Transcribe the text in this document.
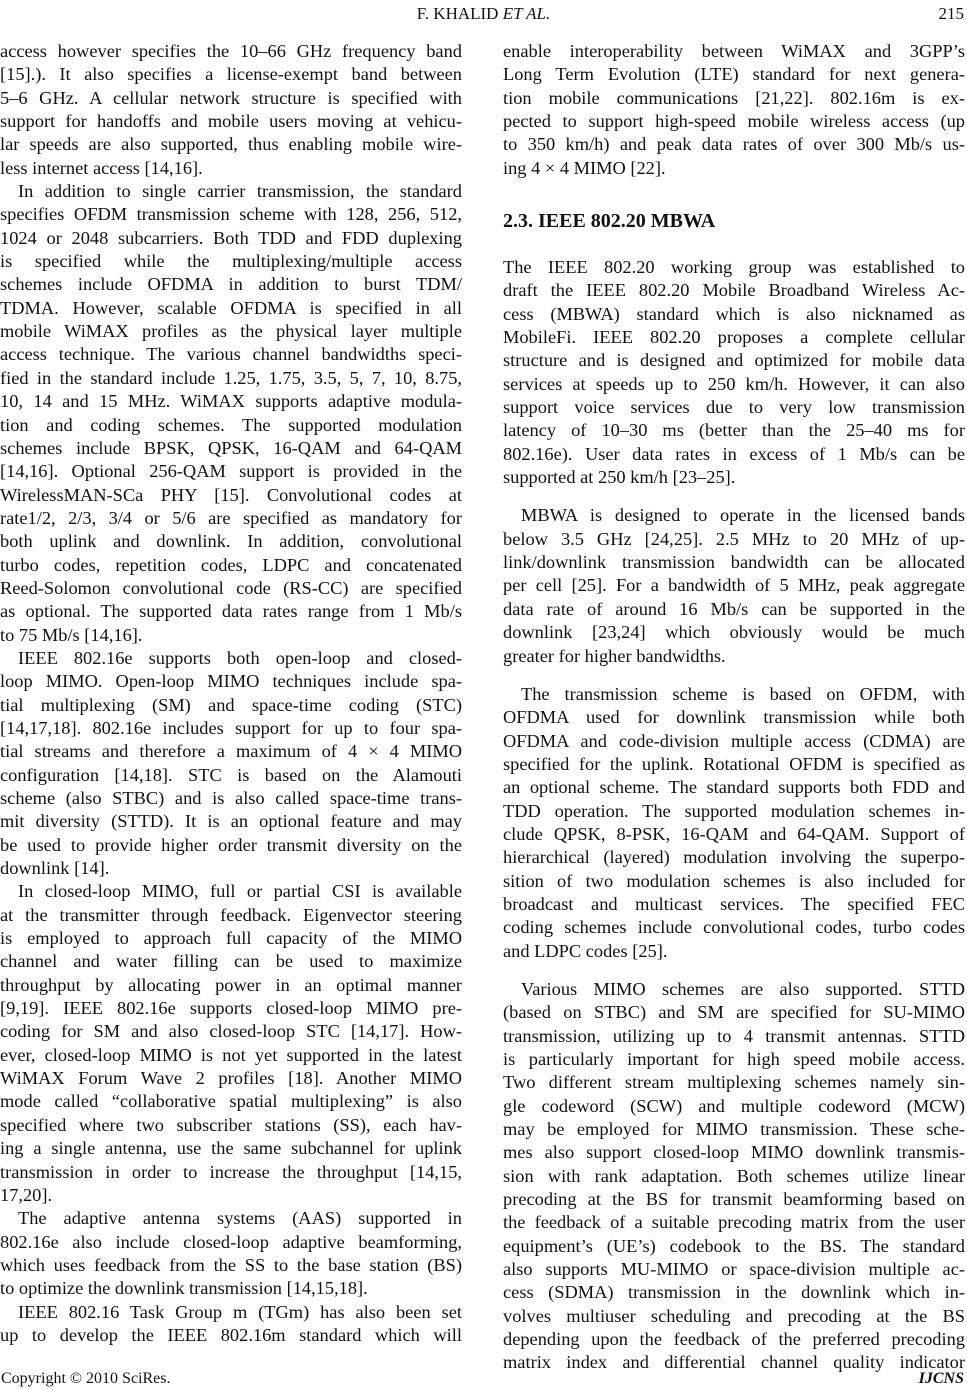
F. KHALID ET AL.	215
access however specifies the 10–66 GHz frequency band
[15].). It also specifies a license-exempt band between
5–6 GHz. A cellular network structure is specified with
support for handoffs and mobile users moving at vehicu-
lar speeds are also supported, thus enabling mobile wire-
less internet access [14,16].
In addition to single carrier transmission, the standard
specifies OFDM transmission scheme with 128, 256, 512,
1024 or 2048 subcarriers. Both TDD and FDD duplexing
is specified while the multiplexing/multiple access
schemes include OFDMA in addition to burst TDM/
TDMA. However, scalable OFDMA is specified in all
mobile WiMAX profiles as the physical layer multiple
access technique. The various channel bandwidths speci-
fied in the standard include 1.25, 1.75, 3.5, 5, 7, 10, 8.75,
10, 14 and 15 MHz. WiMAX supports adaptive modula-
tion and coding schemes. The supported modulation
schemes include BPSK, QPSK, 16-QAM and 64-QAM
[14,16]. Optional 256-QAM support is provided in the
WirelessMAN-SCa PHY [15]. Convolutional codes at
rate1/2, 2/3, 3/4 or 5/6 are specified as mandatory for
both uplink and downlink. In addition, convolutional
turbo codes, repetition codes, LDPC and concatenated
Reed-Solomon convolutional code (RS-CC) are specified
as optional. The supported data rates range from 1 Mb/s
to 75 Mb/s [14,16].
IEEE 802.16e supports both open-loop and closed-
loop MIMO. Open-loop MIMO techniques include spa-
tial multiplexing (SM) and space-time coding (STC)
[14,17,18]. 802.16e includes support for up to four spa-
tial streams and therefore a maximum of 4 × 4 MIMO
configuration [14,18]. STC is based on the Alamouti
scheme (also STBC) and is also called space-time trans-
mit diversity (STTD). It is an optional feature and may
be used to provide higher order transmit diversity on the
downlink [14].
In closed-loop MIMO, full or partial CSI is available
at the transmitter through feedback. Eigenvector steering
is employed to approach full capacity of the MIMO
channel and water filling can be used to maximize
throughput by allocating power in an optimal manner
[9,19]. IEEE 802.16e supports closed-loop MIMO pre-
coding for SM and also closed-loop STC [14,17]. How-
ever, closed-loop MIMO is not yet supported in the latest
WiMAX Forum Wave 2 profiles [18]. Another MIMO
mode called “collaborative spatial multiplexing” is also
specified where two subscriber stations (SS), each hav-
ing a single antenna, use the same subchannel for uplink
transmission in order to increase the throughput [14,15,
17,20].
The adaptive antenna systems (AAS) supported in
802.16e also include closed-loop adaptive beamforming,
which uses feedback from the SS to the base station (BS)
to optimize the downlink transmission [14,15,18].
IEEE 802.16 Task Group m (TGm) has also been set
up to develop the IEEE 802.16m standard which will
enable interoperability between WiMAX and 3GPP’s
Long Term Evolution (LTE) standard for next genera-
tion mobile communications [21,22]. 802.16m is ex-
pected to support high-speed mobile wireless access (up
to 350 km/h) and peak data rates of over 300 Mb/s us-
ing 4 × 4 MIMO [22].
2.3. IEEE 802.20 MBWA
The IEEE 802.20 working group was established to
draft the IEEE 802.20 Mobile Broadband Wireless Ac-
cess (MBWA) standard which is also nicknamed as
MobileFi. IEEE 802.20 proposes a complete cellular
structure and is designed and optimized for mobile data
services at speeds up to 250 km/h. However, it can also
support voice services due to very low transmission
latency of 10–30 ms (better than the 25–40 ms for
802.16e). User data rates in excess of 1 Mb/s can be
supported at 250 km/h [23–25].
MBWA is designed to operate in the licensed bands
below 3.5 GHz [24,25]. 2.5 MHz to 20 MHz of up-
link/downlink transmission bandwidth can be allocated
per cell [25]. For a bandwidth of 5 MHz, peak aggregate
data rate of around 16 Mb/s can be supported in the
downlink [23,24] which obviously would be much
greater for higher bandwidths.
The transmission scheme is based on OFDM, with
OFDMA used for downlink transmission while both
OFDMA and code-division multiple access (CDMA) are
specified for the uplink. Rotational OFDM is specified as
an optional scheme. The standard supports both FDD and
TDD operation. The supported modulation schemes in-
clude QPSK, 8-PSK, 16-QAM and 64-QAM. Support of
hierarchical (layered) modulation involving the superpo-
sition of two modulation schemes is also included for
broadcast and multicast services. The specified FEC
coding schemes include convolutional codes, turbo codes
and LDPC codes [25].
Various MIMO schemes are also supported. STTD
(based on STBC) and SM are specified for SU-MIMO
transmission, utilizing up to 4 transmit antennas. STTD
is particularly important for high speed mobile access.
Two different stream multiplexing schemes namely sin-
gle codeword (SCW) and multiple codeword (MCW)
may be employed for MIMO transmission. These sche-
mes also support closed-loop MIMO downlink transmis-
sion with rank adaptation. Both schemes utilize linear
precoding at the BS for transmit beamforming based on
the feedback of a suitable precoding matrix from the user
equipment’s (UE’s) codebook to the BS. The standard
also supports MU-MIMO or space-division multiple ac-
cess (SDMA) transmission in the downlink which in-
volves multiuser scheduling and precoding at the BS
depending upon the feedback of the preferred precoding
matrix index and differential channel quality indicator
Copyright © 2010 SciRes.	IJCNS
